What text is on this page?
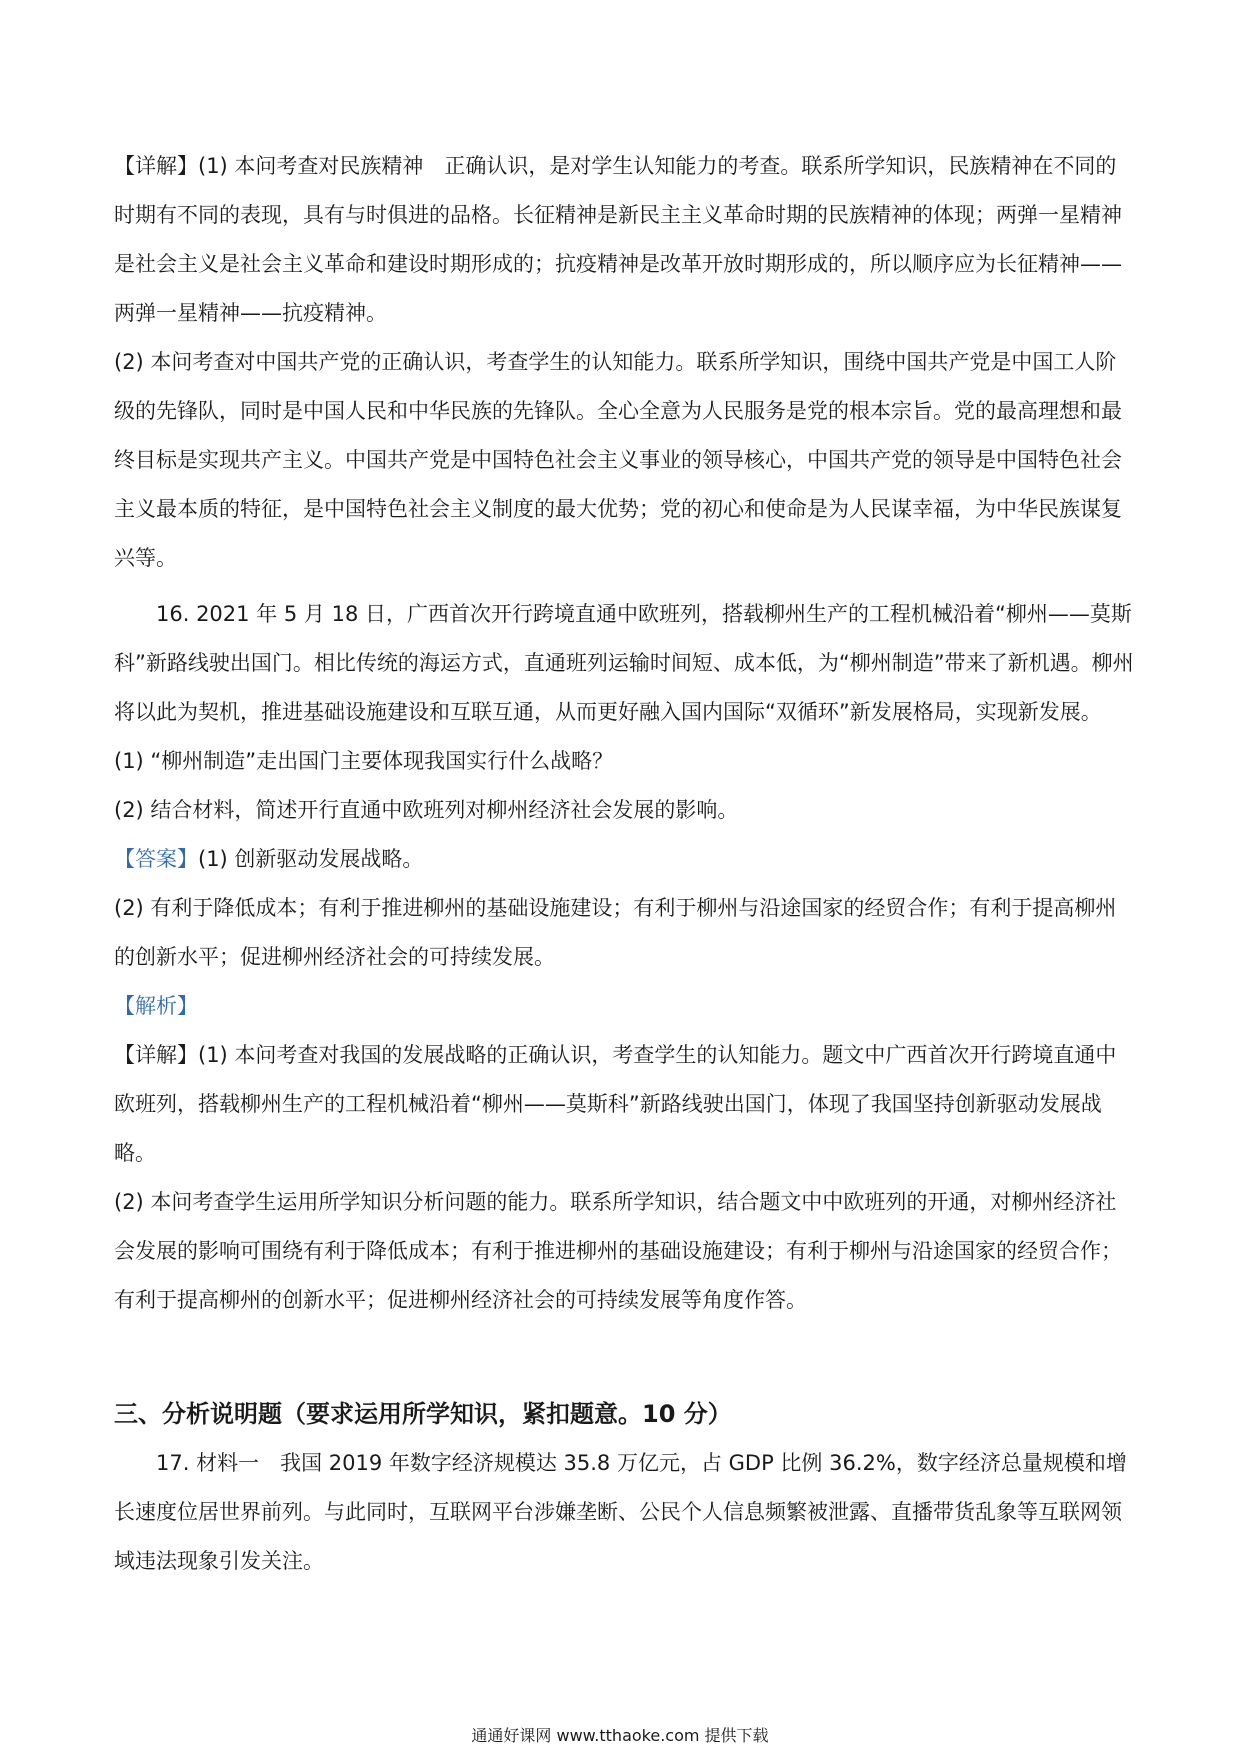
【详解】(1) 本问考查对民族精神　正确认识，是对学生认知能力的考查。联系所学知识，民族精神在不同的时期有不同的表现，具有与时俱进的品格。长征精神是新民主主义革命时期的民族精神的体现；两弹一星精神是社会主义是社会主义革命和建设时期形成的；抗疫精神是改革开放时期形成的，所以顺序应为长征精神——两弹一星精神——抗疫精神。

(2) 本问考查对中国共产党的正确认识，考查学生的认知能力。联系所学知识，围绕中国共产党是中国工人阶级的先锋队，同时是中国人民和中华民族的先锋队。全心全意为人民服务是党的根本宗旨。党的最高理想和最终目标是实现共产主义。中国共产党是中国特色社会主义事业的领导核心，中国共产党的领导是中国特色社会主义最本质的特征，是中国特色社会主义制度的最大优势；党的初心和使命是为人民谋幸福，为中华民族谋复兴等。

16. 2021 年 5 月 18 日，广西首次开行跨境直通中欧班列，搭载柳州生产的工程机械沿着“柳州——莫斯科”新路线驶出国门。相比传统的海运方式，直通班列运输时间短、成本低，为“柳州制造”带来了新机遇。柳州将以此为契机，推进基础设施建设和互联互通，从而更好融入国内国际“双循环”新发展格局，实现新发展。

(1) “柳州制造”走出国门主要体现我国实行什么战略？

(2) 结合材料，简述开行直通中欧班列对柳州经济社会发展的影响。

【答案】(1) 创新驱动发展战略。

(2) 有利于降低成本；有利于推进柳州的基础设施建设；有利于柳州与沿途国家的经贸合作；有利于提高柳州的创新水平；促进柳州经济社会的可持续发展。

【解析】

【详解】(1) 本问考查对我国的发展战略的正确认识，考查学生的认知能力。题文中广西首次开行跨境直通中欧班列，搭载柳州生产的工程机械沿着“柳州——莫斯科”新路线驶出国门，体现了我国坚持创新驱动发展战略。

(2) 本问考查学生运用所学知识分析问题的能力。联系所学知识，结合题文中中欧班列的开通，对柳州经济社会发展的影响可围绕有利于降低成本；有利于推进柳州的基础设施建设；有利于柳州与沿途国家的经贸合作；有利于提高柳州的创新水平；促进柳州经济社会的可持续发展等角度作答。

三、分析说明题（要求运用所学知识，紧扣题意。10 分）

17. 材料一　我国 2019 年数字经济规模达 35.8 万亿元，占 GDP 比例 36.2%，数字经济总量规模和增长速度位居世界前列。与此同时，互联网平台涉嫌垄断、公民个人信息频繁被泄露、直播带货乱象等互联网领域违法现象引发关注。

通通好课网 www.tthaoke.com 提供下载
